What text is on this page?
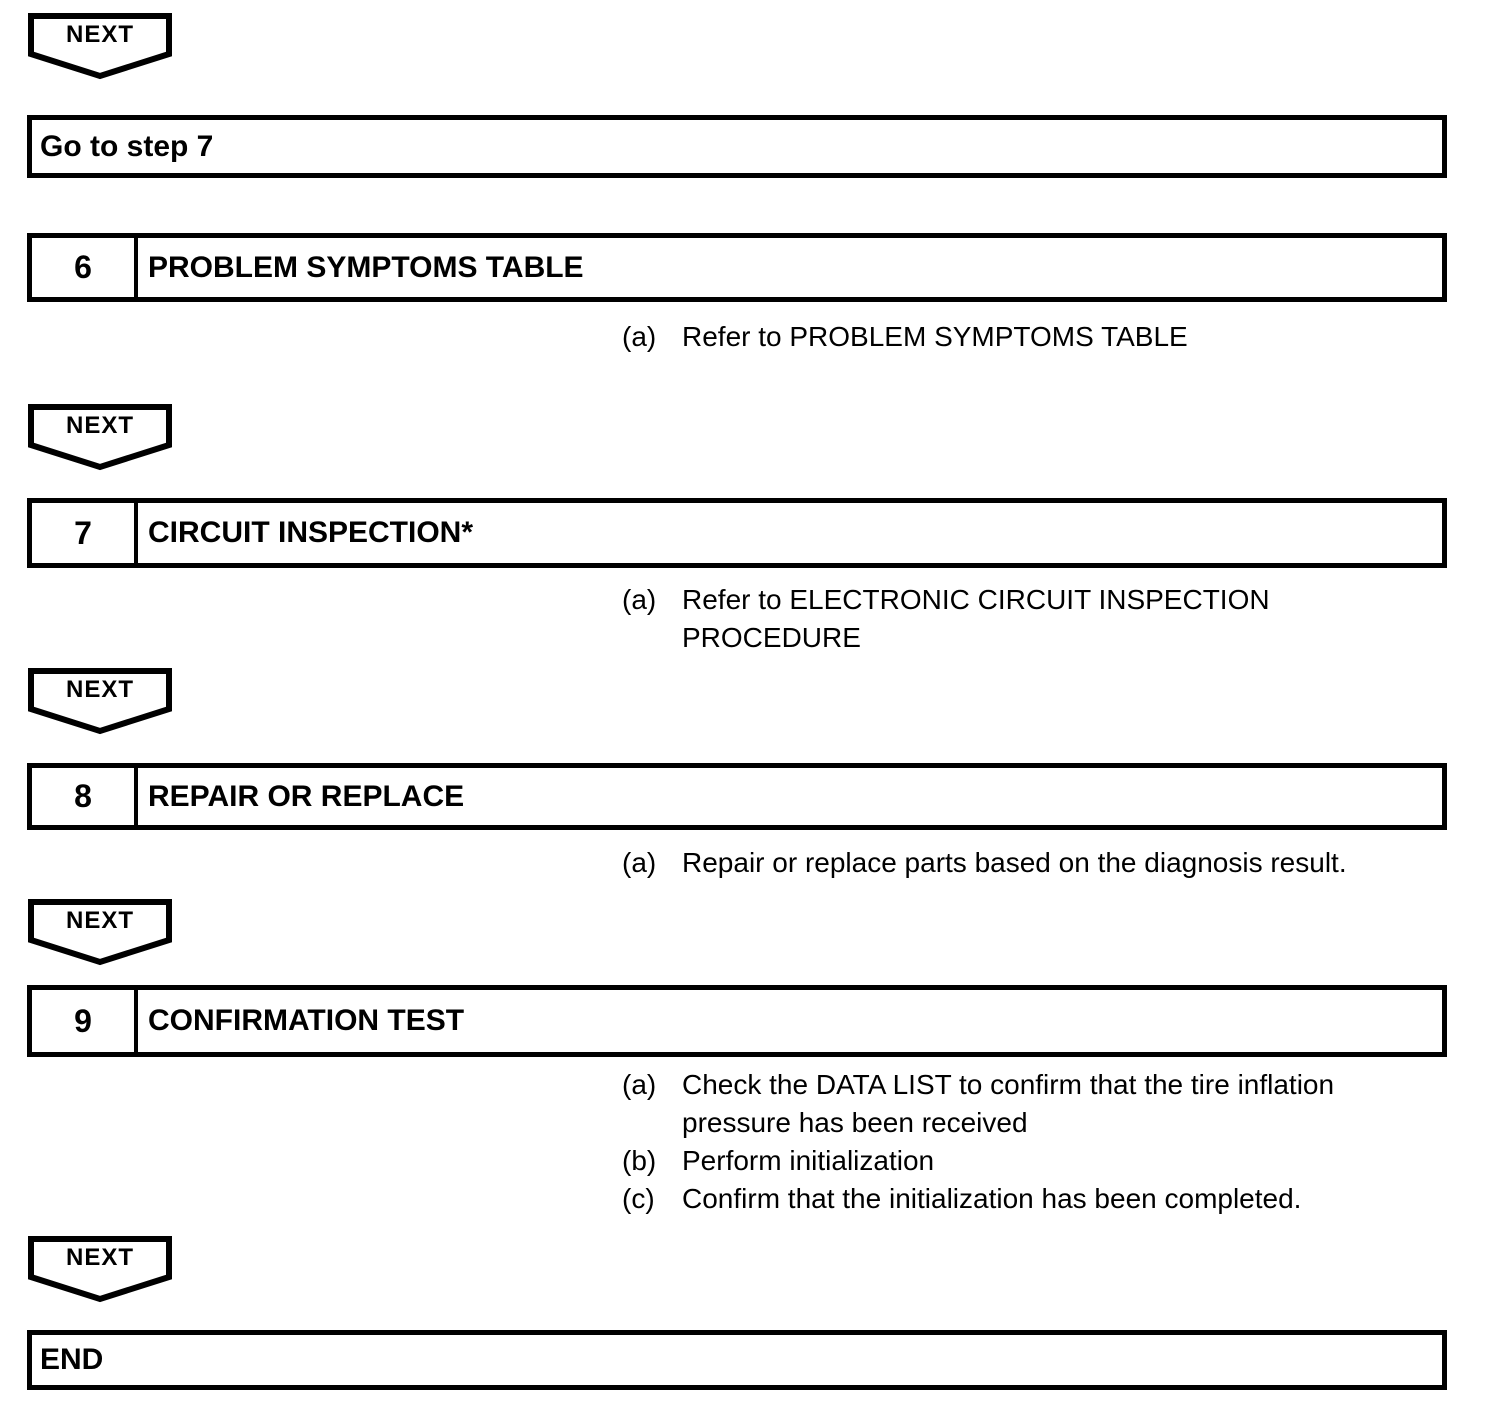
NEXT
Go to step 7
6	PROBLEM SYMPTOMS TABLE
(a) Refer to PROBLEM SYMPTOMS TABLE
NEXT
7	CIRCUIT INSPECTION*
(a) Refer to ELECTRONIC CIRCUIT INSPECTION
PROCEDURE
NEXT
8	REPAIR OR REPLACE
(a) Repair or replace parts based on the diagnosis result.
NEXT
9	CONFIRMATION TEST
(a) Check the DATA LIST to confirm that the tire inflation
pressure has been received
(b) Perform initialization
(c) Confirm that the initialization has been completed.
NEXT
END
